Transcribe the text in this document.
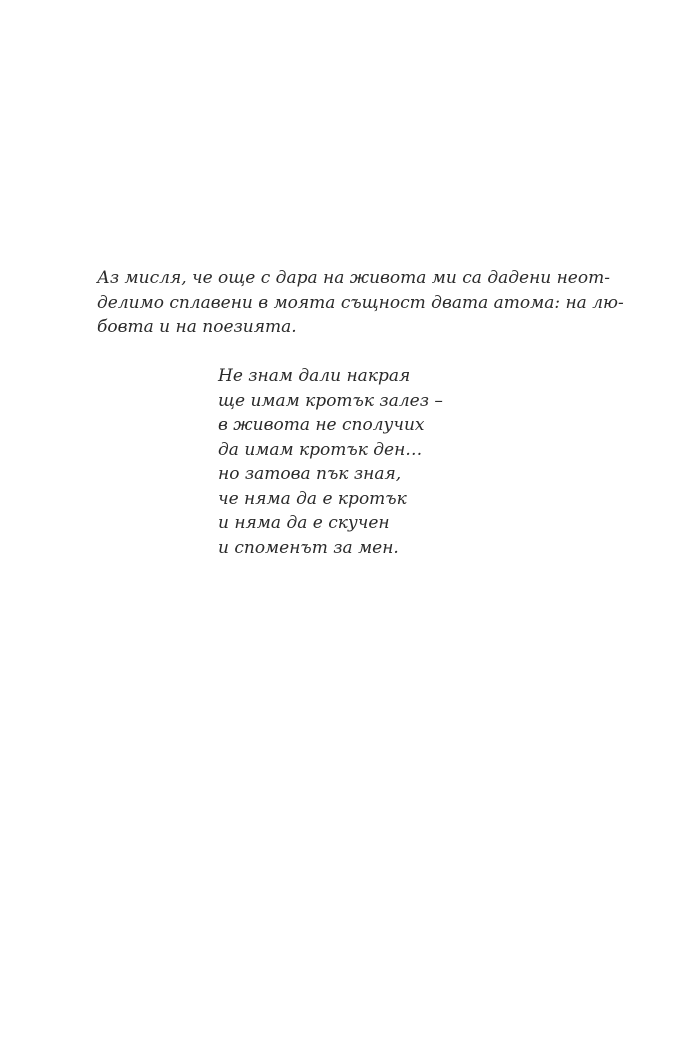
Аз мисля, че още с дара на живота ми са дадени неот-
делимо сплавени в моята същност двата атома: на лю-
бовта и на поезията.

Не знам дали накрая
ще имам кротък залез –
в живота не сполучих
да имам кротък ден…
но затова пък зная,
че няма да е кротък
и няма да е скучен
и споменът за мен.
